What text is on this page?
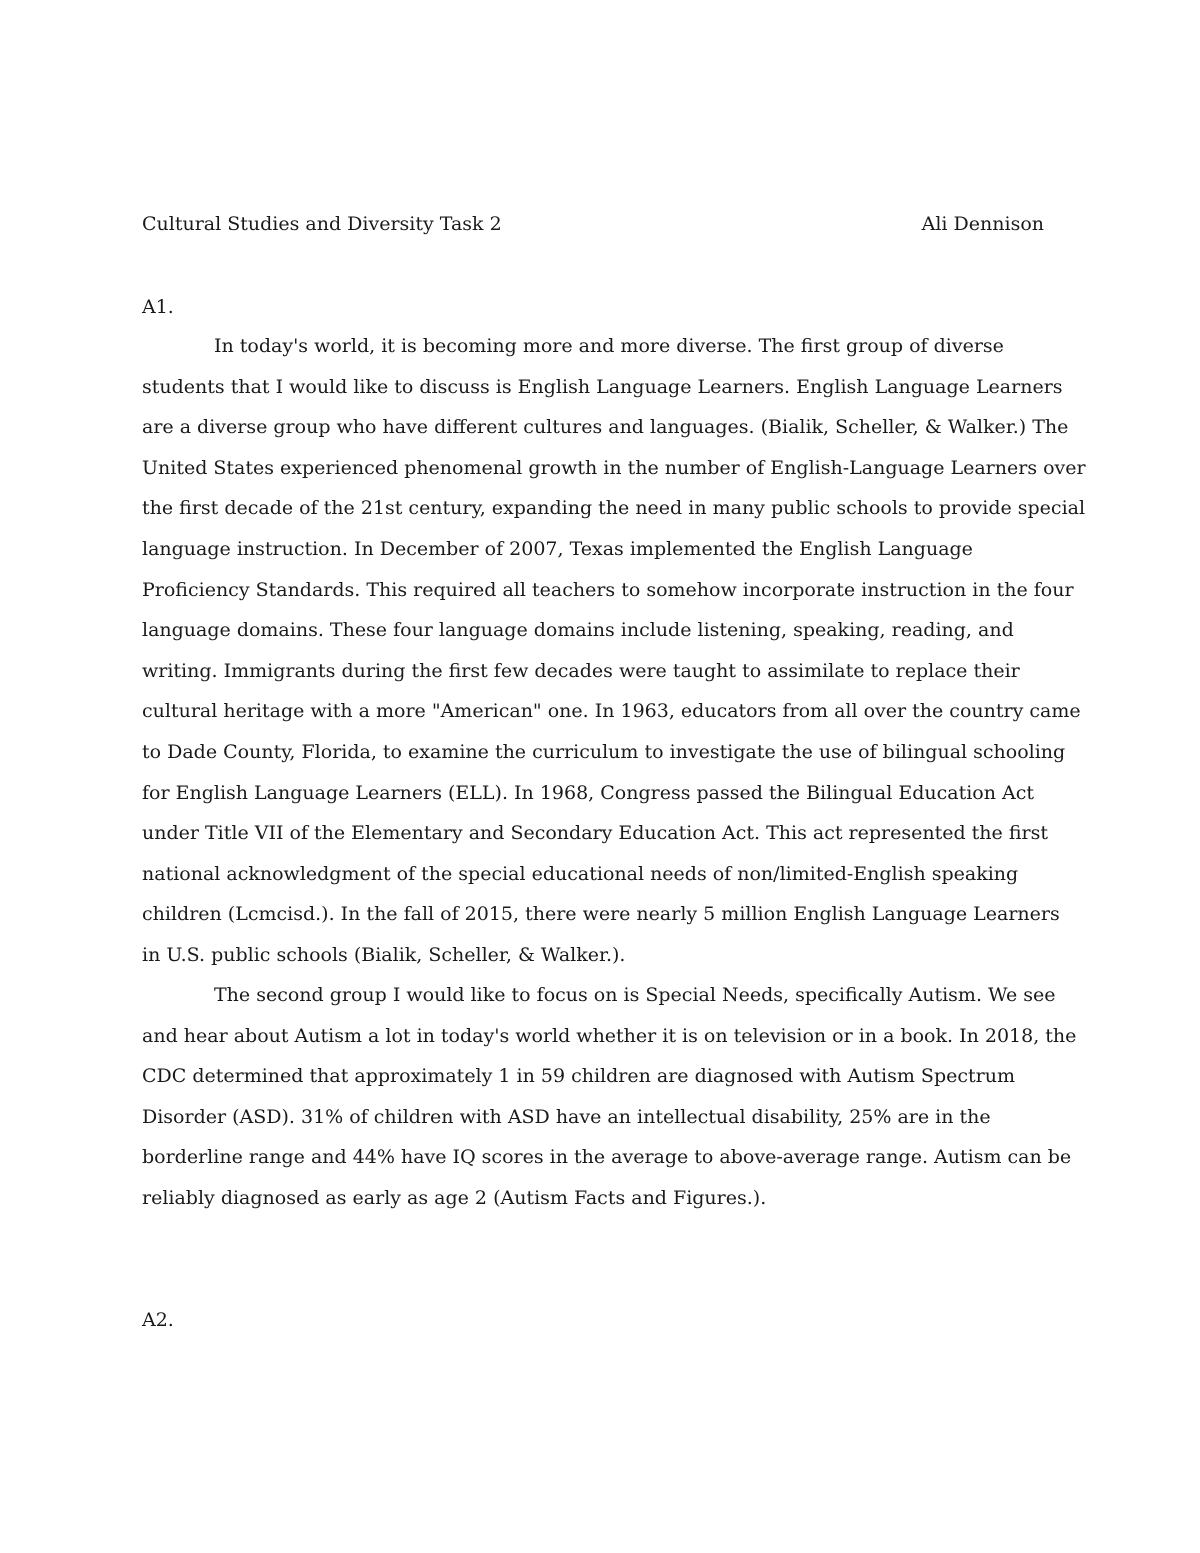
Cultural Studies and Diversity Task 2	Ali Dennison
A1.
In today's world, it is becoming more and more diverse. The first group of diverse
students that I would like to discuss is English Language Learners. English Language Learners
are a diverse group who have different cultures and languages. (Bialik, Scheller, & Walker.) The
United States experienced phenomenal growth in the number of English-Language Learners over
the first decade of the 21st century, expanding the need in many public schools to provide special
language instruction. In December of 2007, Texas implemented the English Language
Proficiency Standards. This required all teachers to somehow incorporate instruction in the four
language domains. These four language domains include listening, speaking, reading, and
writing. Immigrants during the first few decades were taught to assimilate to replace their
cultural heritage with a more "American" one. In 1963, educators from all over the country came
to Dade County, Florida, to examine the curriculum to investigate the use of bilingual schooling
for English Language Learners (ELL). In 1968, Congress passed the Bilingual Education Act
under Title VII of the Elementary and Secondary Education Act. This act represented the first
national acknowledgment of the special educational needs of non/limited-English speaking
children (Lcmcisd.). In the fall of 2015, there were nearly 5 million English Language Learners
in U.S. public schools (Bialik, Scheller, & Walker.).
The second group I would like to focus on is Special Needs, specifically Autism. We see
and hear about Autism a lot in today's world whether it is on television or in a book. In 2018, the
CDC determined that approximately 1 in 59 children are diagnosed with Autism Spectrum
Disorder (ASD). 31% of children with ASD have an intellectual disability, 25% are in the
borderline range and 44% have IQ scores in the average to above-average range. Autism can be
reliably diagnosed as early as age 2 (Autism Facts and Figures.).
A2.
